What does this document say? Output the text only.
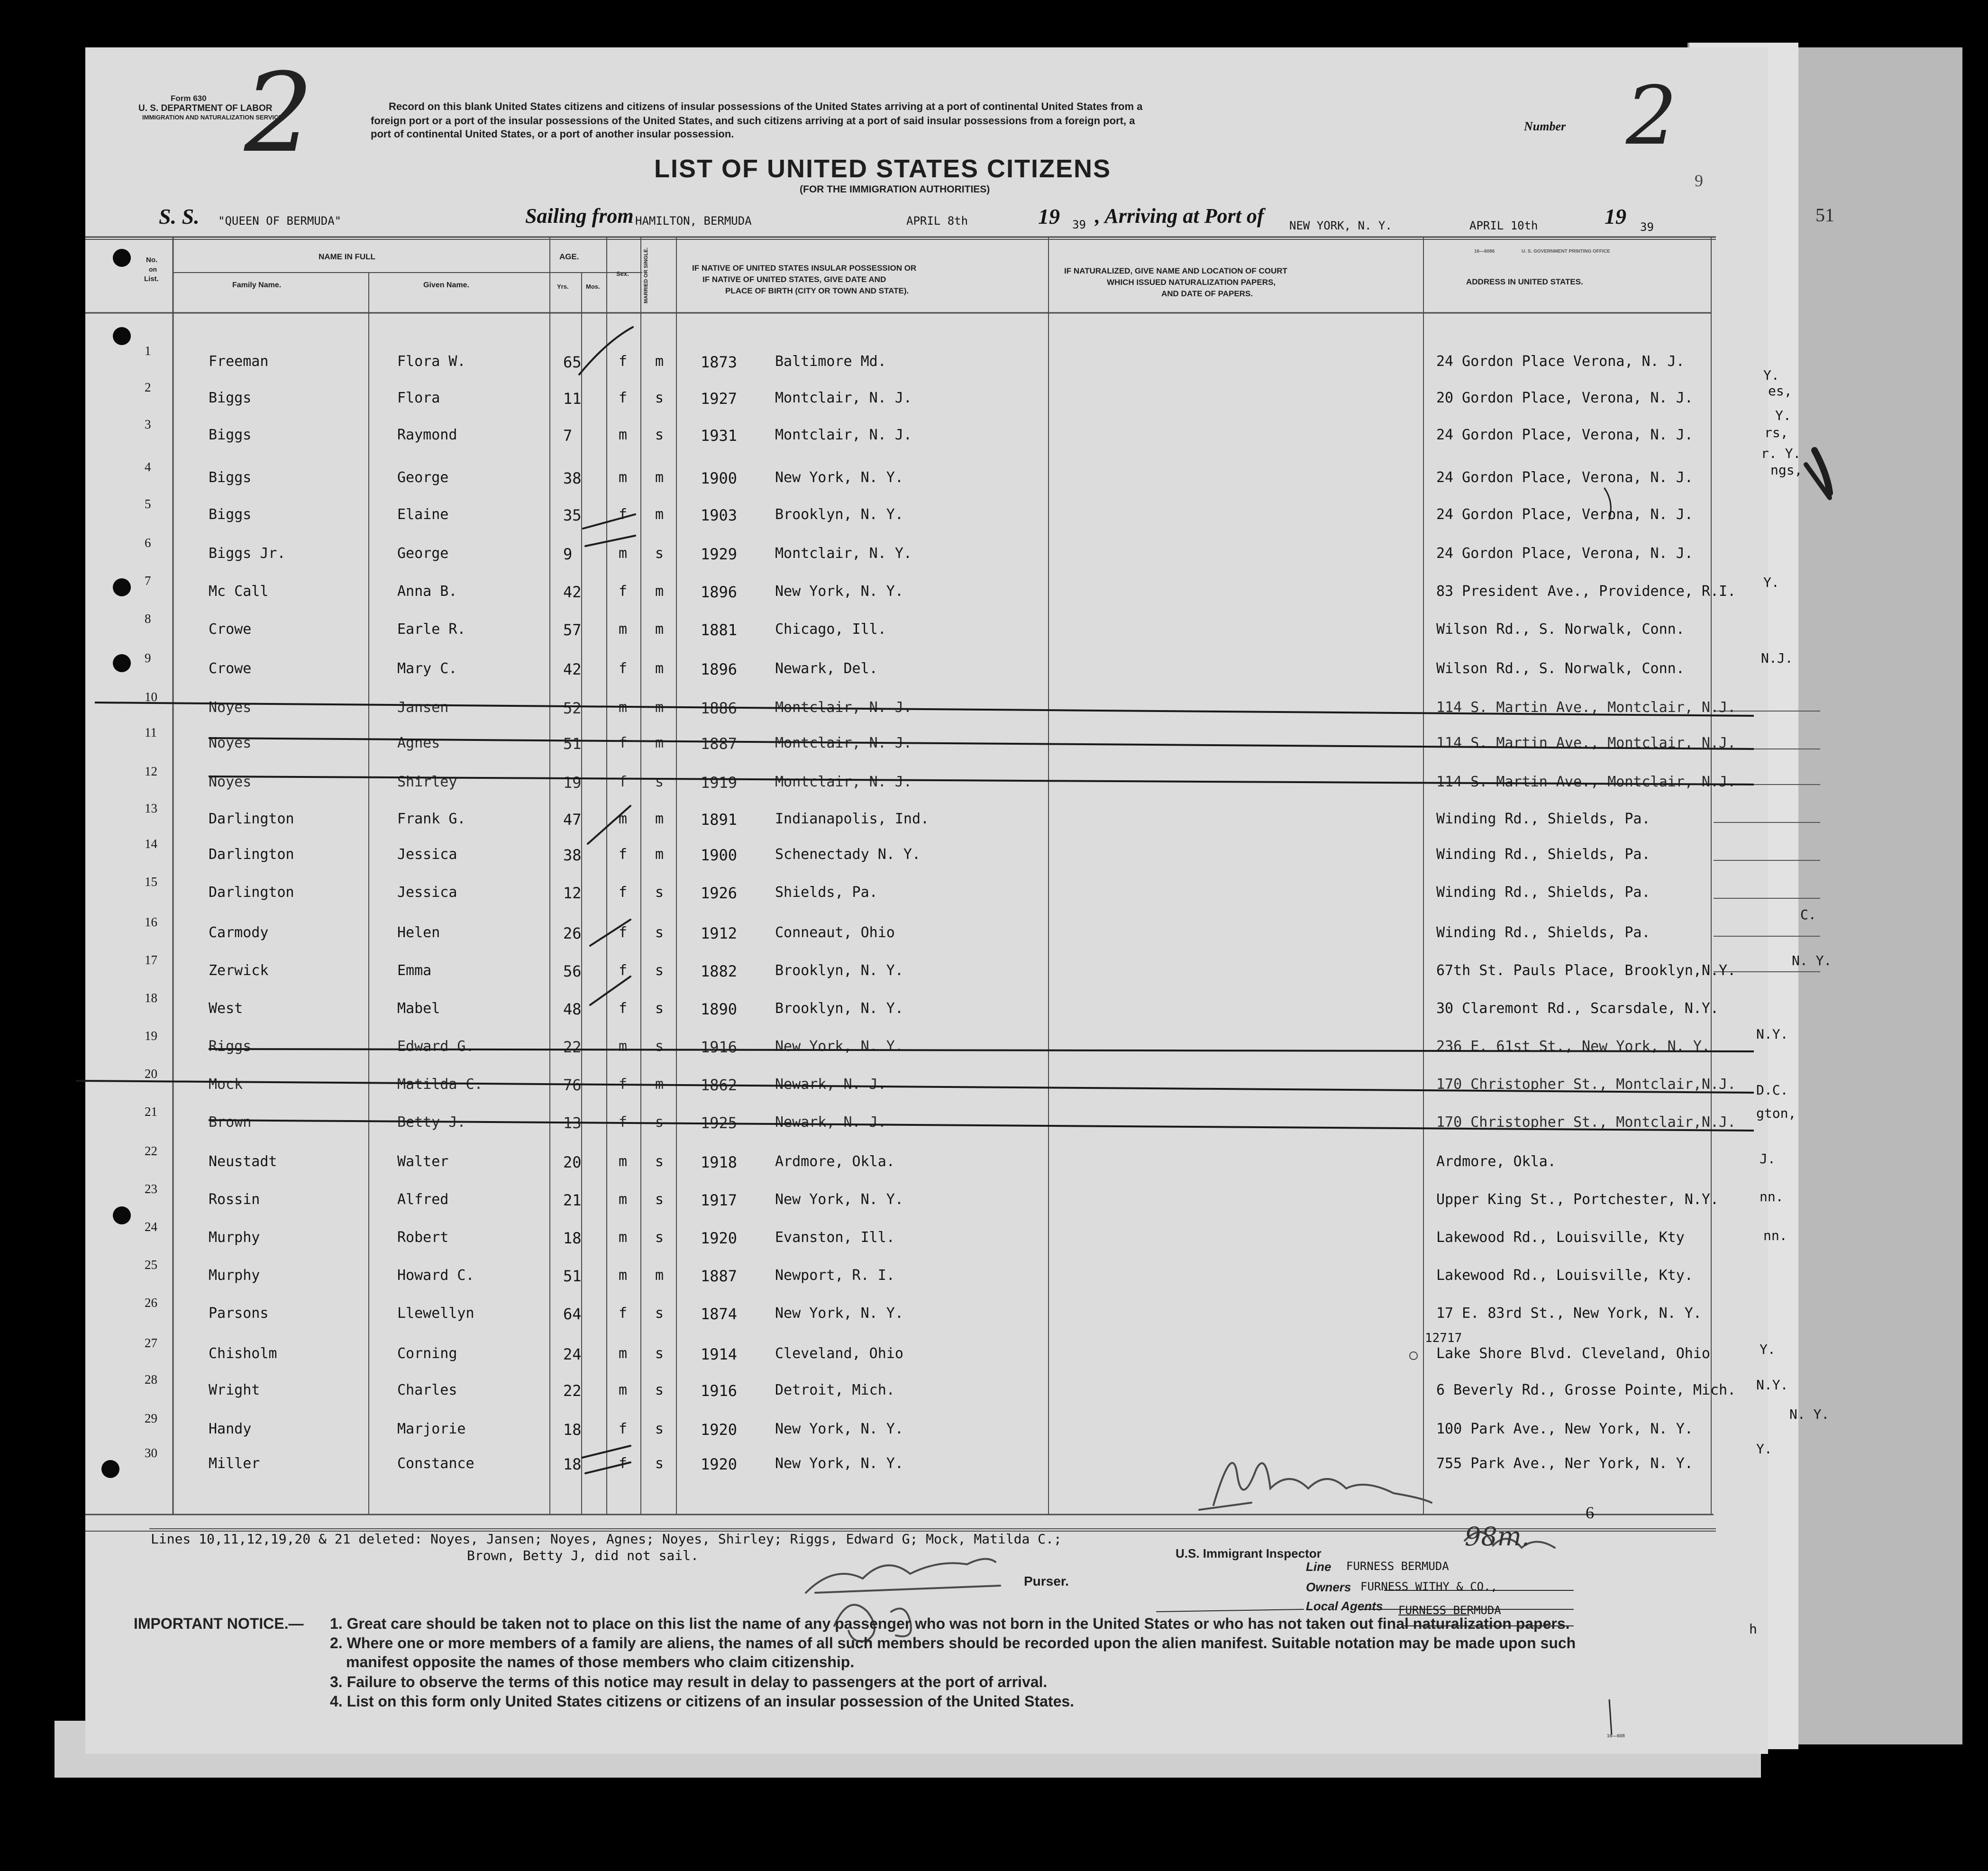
Y.
es,
Y.
rs,
r. Y.
ngs,
Y.
N.J.
C.
N. Y.
N.Y.
D.C.
gton,
J.
nn.
nn.
Y.
N.Y.
N. Y.
Y.
h
51
Form 630
U. S. DEPARTMENT OF LABOR
IMMIGRATION AND NATURALIZATION SERVICE
2	Record on this blank United States citizens and citizens of insular possessions of the United States arriving at a port of continental United States from a
foreign port or a port of the insular possessions of the United States, and such citizens arriving at a port of said insular possessions from a foreign port, a
port of continental United States, or a port of another insular possession.
Number 2
9
LIST OF UNITED STATES CITIZENS
(FOR THE IMMIGRATION AUTHORITIES)
S. S. "QUEEN OF BERMUDA"	Sailing from HAMILTON, BERMUDA	APRIL 8th	19 39 , Arriving at Port of NEW YORK, N. Y.	APRIL 10th	19 39
16—6086	U. S. GOVERNMENT PRINTING OFFICE
No.
on
List.
NAME IN FULL
Family Name.	Given Name.
AGE.
Yrs.	Mos.
Sex.	MARRIED OR SINGLE.	IF NATIVE OF UNITED STATES INSULAR POSSESSION OR
IF NATIVE OF UNITED STATES, GIVE DATE AND
PLACE OF BIRTH (CITY OR TOWN AND STATE).
IF NATURALIZED, GIVE NAME AND LOCATION OF COURT
WHICH ISSUED NATURALIZATION PAPERS,
AND DATE OF PAPERS.
ADDRESS IN UNITED STATES.
1
Freeman	Flora W.	65	f m 1873	Baltimore Md.	24 Gordon Place Verona, N. J.
2
Biggs	Flora	11	f s 1927	Montclair, N. J.	20 Gordon Place, Verona, N. J.
3
Biggs	Raymond	7	m s 1931	Montclair, N. J.	24 Gordon Place, Verona, N. J.
4
Biggs	George	38	m m 1900	New York, N. Y.	24 Gordon Place, Verona, N. J.
5
Biggs	Elaine	35	f m 1903	Brooklyn, N. Y.	24 Gordon Place, Verona, N. J.
6
Biggs Jr.	George	9	m s 1929	Montclair, N. Y.	24 Gordon Place, Verona, N. J.
7
Mc Call	Anna B.	42	f m 1896	New York, N. Y.	83 President Ave., Providence, R.I.
8
Crowe	Earle R.	57	m m 1881	Chicago, Ill.	Wilson Rd., S. Norwalk, Conn.
9
Crowe	Mary C.	42	f m 1896	Newark, Del.	Wilson Rd., S. Norwalk, Conn.
10
Noyes	Jansen	52	m m 1886	Montclair, N. J.	114 S. Martin Ave., Montclair, N.J.
11
Noyes	Agnes	51	f m 1887	Montclair, N. J.	114 S. Martin Ave., Montclair, N.J.
12
Noyes	Shirley	19	f s 1919	Montclair, N. J.	114 S. Martin Ave., Montclair, N.J.
13
Darlington	Frank G.	47	m m 1891	Indianapolis, Ind.	Winding Rd., Shields, Pa.
14
Darlington	Jessica	38	f m 1900	Schenectady N. Y.	Winding Rd., Shields, Pa.
15
Darlington	Jessica	12	f s 1926	Shields, Pa.	Winding Rd., Shields, Pa.
16
Carmody	Helen	26	f s 1912	Conneaut, Ohio	Winding Rd., Shields, Pa.
17
Zerwick	Emma	56	f s 1882	Brooklyn, N. Y.	67th St. Pauls Place, Brooklyn,N.Y.
18
West	Mabel	48	f s 1890	Brooklyn, N. Y.	30 Claremont Rd., Scarsdale, N.Y.
19
Riggs	Edward G.	22	m s 1916	New York, N. Y.	236 E. 61st St., New York, N. Y.
20
Mock	Matilda C.	76	f m 1862	Newark, N. J.	170 Christopher St., Montclair,N.J.
21
Brown	Betty J.	13	f s 1925	Newark, N. J.	170 Christopher St., Montclair,N.J.
22
Neustadt	Walter	20	m s 1918	Ardmore, Okla.	Ardmore, Okla.
23
Rossin	Alfred	21	m s 1917	New York, N. Y.	Upper King St., Portchester, N.Y.
24
Murphy	Robert	18	m s 1920	Evanston, Ill.	Lakewood Rd., Louisville, Kty
25
Murphy	Howard C.	51	m m 1887	Newport, R. I.	Lakewood Rd., Louisville, Kty.
26
Parsons	Llewellyn	64	f s 1874	New York, N. Y.	17 E. 83rd St., New York, N. Y.
27
Chisholm	Corning	24	m s 1914	Cleveland, Ohio	Lake Shore Blvd. Cleveland, Ohio
28
Wright	Charles	22	m s 1916	Detroit, Mich.	6 Beverly Rd., Grosse Pointe, Mich.
29
Handy	Marjorie	18	f s 1920	New York, N. Y.	100 Park Ave., New York, N. Y.
30
Miller	Constance	18	f s 1920	New York, N. Y.	755 Park Ave., Ner York, N. Y.
12717
6
Lines 10,11,12,19,20 & 21 deleted: Noyes, Jansen; Noyes, Agnes; Noyes, Shirley; Riggs, Edward G; Mock, Matilda C.;
Brown, Betty J, did not sail.	U.S. Immigrant Inspector
98m.
Purser.
Line FURNESS BERMUDA
Owners FURNESS WITHY & CO.,
Local Agents FURNESS BERMUDA
16—608
IMPORTANT NOTICE.— 1. Great care should be taken not to place on this list the name of any passenger who was not born in the United States or who has not taken out final naturalization papers.
2. Where one or more members of a family are aliens, the names of all such members should be recorded upon the alien manifest. Suitable notation may be made upon such
manifest opposite the names of those members who claim citizenship.
3. Failure to observe the terms of this notice may result in delay to passengers at the port of arrival.
4. List on this form only United States citizens or citizens of an insular possession of the United States.
